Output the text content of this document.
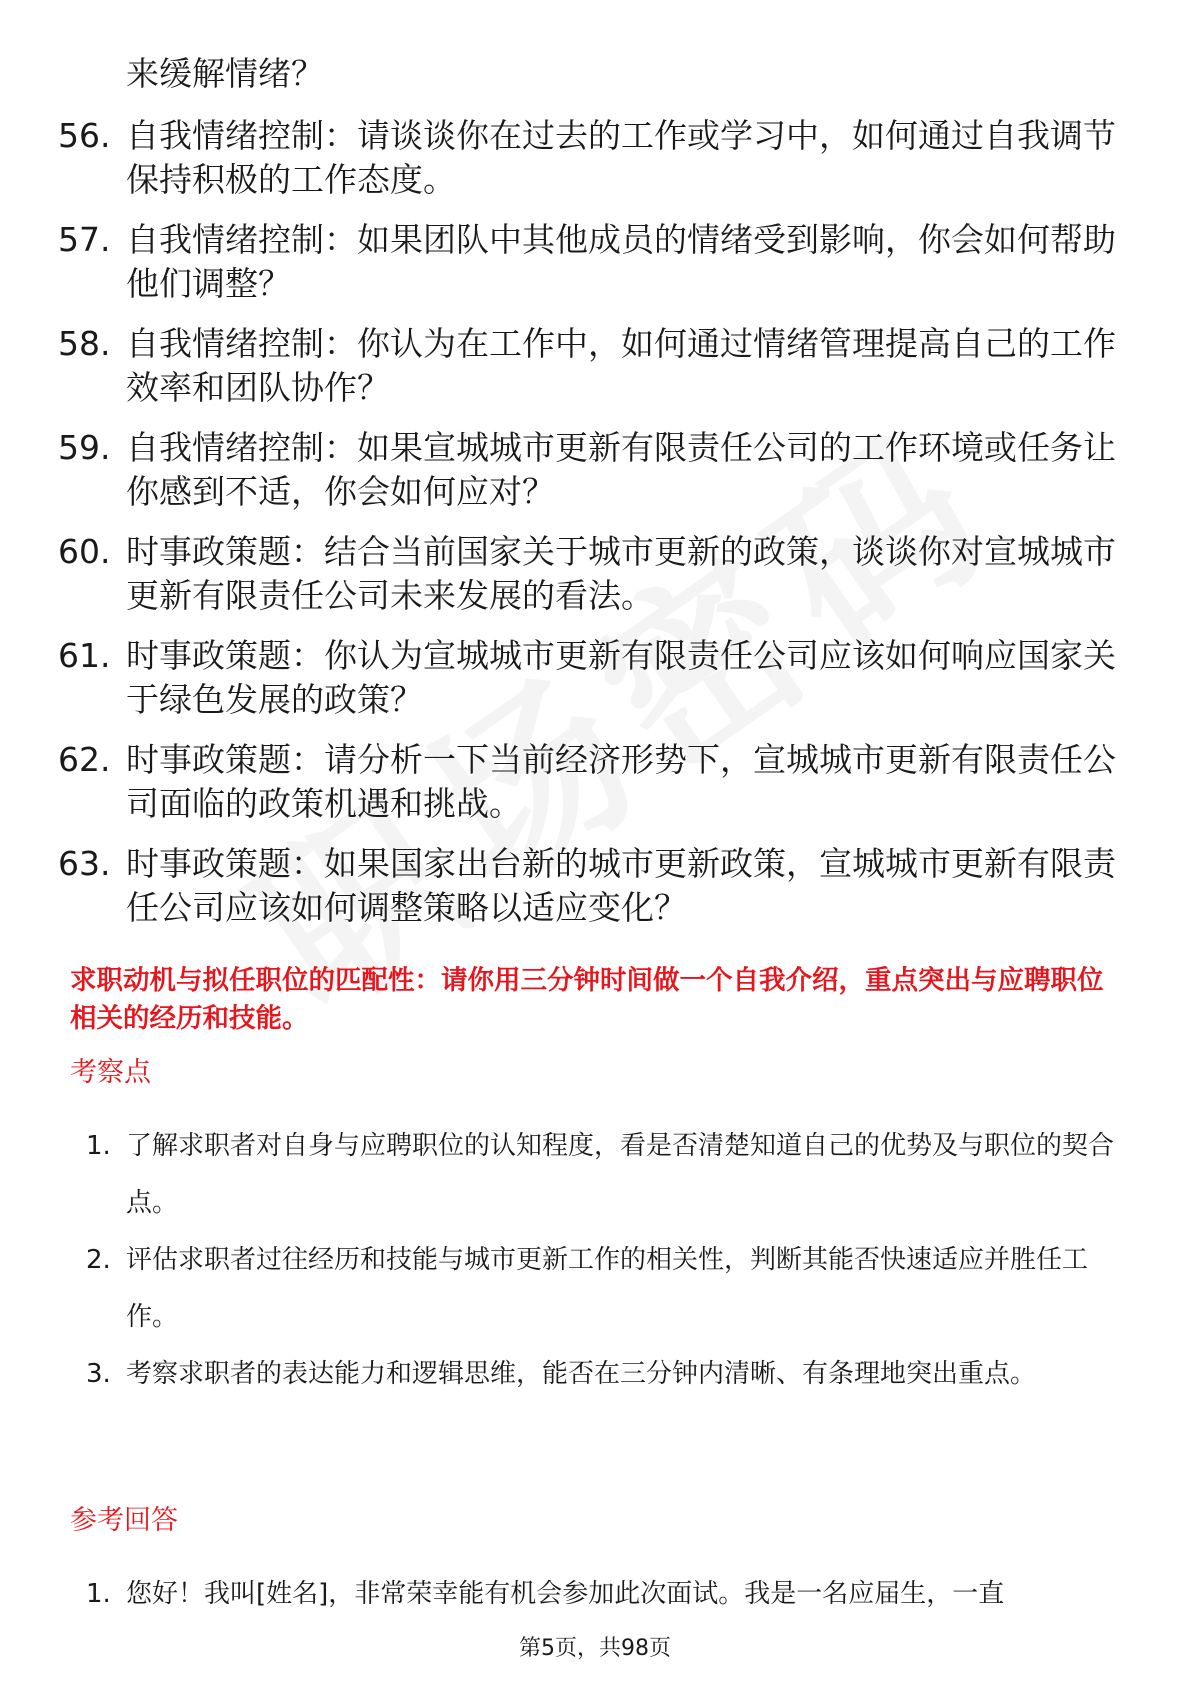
来缓解情绪？
56. 自我情绪控制：请谈谈你在过去的工作或学习中，如何通过自我调节保持积极的工作态度。
57. 自我情绪控制：如果团队中其他成员的情绪受到影响，你会如何帮助他们调整？
58. 自我情绪控制：你认为在工作中，如何通过情绪管理提高自己的工作效率和团队协作？
59. 自我情绪控制：如果宣城城市更新有限责任公司的工作环境或任务让你感到不适，你会如何应对？
60. 时事政策题：结合当前国家关于城市更新的政策，谈谈你对宣城城市更新有限责任公司未来发展的看法。
61. 时事政策题：你认为宣城城市更新有限责任公司应该如何响应国家关于绿色发展的政策？
62. 时事政策题：请分析一下当前经济形势下，宣城城市更新有限责任公司面临的政策机遇和挑战。
63. 时事政策题：如果国家出台新的城市更新政策，宣城城市更新有限责任公司应该如何调整策略以适应变化？
求职动机与拟任职位的匹配性：请你用三分钟时间做一个自我介绍，重点突出与应聘职位相关的经历和技能。
考察点
1. 了解求职者对自身与应聘职位的认知程度，看是否清楚知道自己的优势及与职位的契合点。
2. 评估求职者过往经历和技能与城市更新工作的相关性，判断其能否快速适应并胜任工作。
3. 考察求职者的表达能力和逻辑思维，能否在三分钟内清晰、有条理地突出重点。
参考回答
1. 您好！我叫[姓名]，非常荣幸能有机会参加此次面试。我是一名应届生，一直
第5页，共98页
